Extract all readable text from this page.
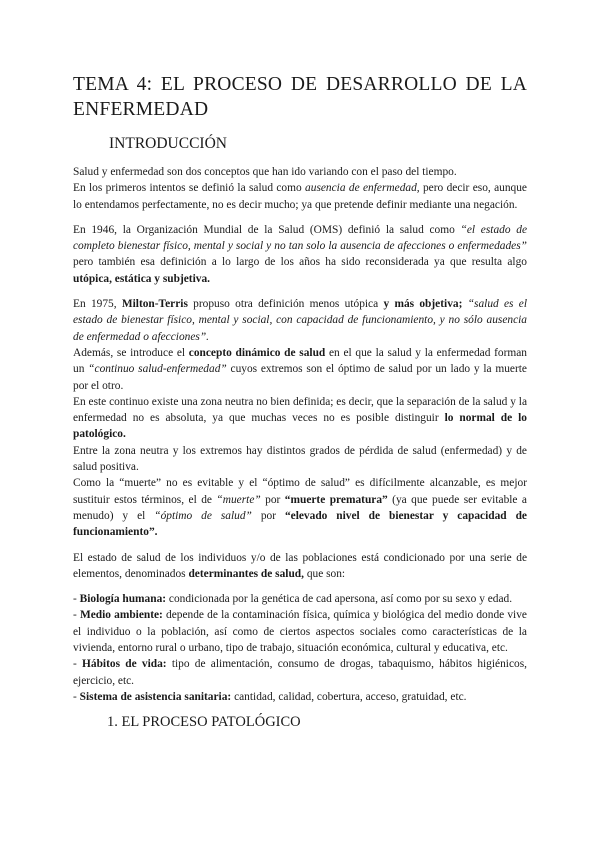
TEMA 4: EL PROCESO DE DESARROLLO DE LA ENFERMEDAD
INTRODUCCIÓN

Salud y enfermedad son dos conceptos que han ido variando con el paso del tiempo.

En los primeros intentos se definió la salud como ausencia de enfermedad, pero decir eso, aunque lo entendamos perfectamente, no es decir mucho; ya que pretende definir mediante una negación.

En 1946, la Organización Mundial de la Salud (OMS) definió la salud como “el estado de completo bienestar físico, mental y social y no tan solo la ausencia de afecciones o enfermedades” pero también esa definición a lo largo de los años ha sido reconsiderada ya que resulta algo utópica, estática y subjetiva.

En 1975, Milton-Terris propuso otra definición menos utópica y más objetiva; “salud es el estado de bienestar físico, mental y social, con capacidad de funcionamiento, y no sólo ausencia de enfermedad o afecciones”.

Además, se introduce el concepto dinámico de salud en el que la salud y la enfermedad forman un “continuo salud-enfermedad” cuyos extremos son el óptimo de salud por un lado y la muerte por el otro.

En este continuo existe una zona neutra no bien definida; es decir, que la separación de la salud y la enfermedad no es absoluta, ya que muchas veces no es posible distinguir lo normal de lo patológico.

Entre la zona neutra y los extremos hay distintos grados de pérdida de salud (enfermedad) y de salud positiva.

Como la “muerte” no es evitable y el “óptimo de salud” es difícilmente alcanzable, es mejor sustituir estos términos, el de “muerte” por “muerte prematura” (ya que puede ser evitable a menudo) y el “óptimo de salud” por “elevado nivel de bienestar y capacidad de funcionamiento”.

El estado de salud de los individuos y/o de las poblaciones está condicionado por una serie de elementos, denominados determinantes de salud, que son:

- Biología humana: condicionada por la genética de cad apersona, así como por su sexo y edad.

- Medio ambiente: depende de la contaminación física, química y biológica del medio donde vive el individuo o la población, así como de ciertos aspectos sociales como características de la vivienda, entorno rural o urbano, tipo de trabajo, situación económica, cultural y educativa, etc.

- Hábitos de vida: tipo de alimentación, consumo de drogas, tabaquismo, hábitos higiénicos, ejercicio, etc.

- Sistema de asistencia sanitaria: cantidad, calidad, cobertura, acceso, gratuidad, etc.

1. EL PROCESO PATOLÓGICO
